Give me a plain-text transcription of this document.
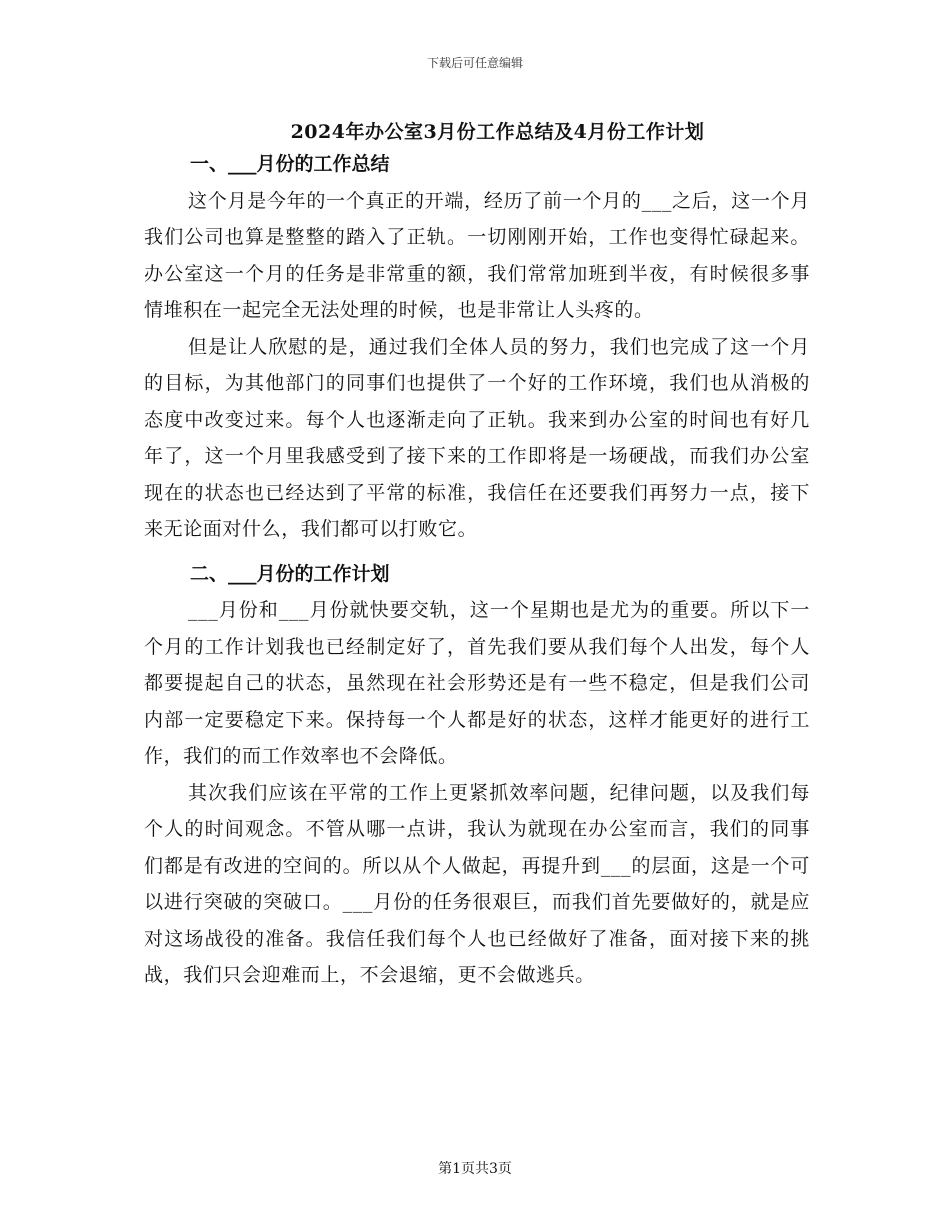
下载后可任意编辑
2024年办公室3月份工作总结及4月份工作计划
一、___月份的工作总结
这个月是今年的一个真正的开端，经历了前一个月的___之后，这一个月我们公司也算是整整的踏入了正轨。一切刚刚开始，工作也变得忙碌起来。办公室这一个月的任务是非常重的额，我们常常加班到半夜，有时候很多事情堆积在一起完全无法处理的时候，也是非常让人头疼的。
但是让人欣慰的是，通过我们全体人员的努力，我们也完成了这一个月的目标，为其他部门的同事们也提供了一个好的工作环境，我们也从消极的态度中改变过来。每个人也逐渐走向了正轨。我来到办公室的时间也有好几年了，这一个月里我感受到了接下来的工作即将是一场硬战，而我们办公室现在的状态也已经达到了平常的标准，我信任在还要我们再努力一点，接下来无论面对什么，我们都可以打败它。
二、___月份的工作计划
___月份和___月份就快要交轨，这一个星期也是尤为的重要。所以下一个月的工作计划我也已经制定好了，首先我们要从我们每个人出发，每个人都要提起自己的状态，虽然现在社会形势还是有一些不稳定，但是我们公司内部一定要稳定下来。保持每一个人都是好的状态，这样才能更好的进行工作，我们的而工作效率也不会降低。
其次我们应该在平常的工作上更紧抓效率问题，纪律问题，以及我们每个人的时间观念。不管从哪一点讲，我认为就现在办公室而言，我们的同事们都是有改进的空间的。所以从个人做起，再提升到___的层面，这是一个可以进行突破的突破口。___月份的任务很艰巨，而我们首先要做好的，就是应对这场战役的准备。我信任我们每个人也已经做好了准备，面对接下来的挑战，我们只会迎难而上，不会退缩，更不会做逃兵。
第1页共3页
